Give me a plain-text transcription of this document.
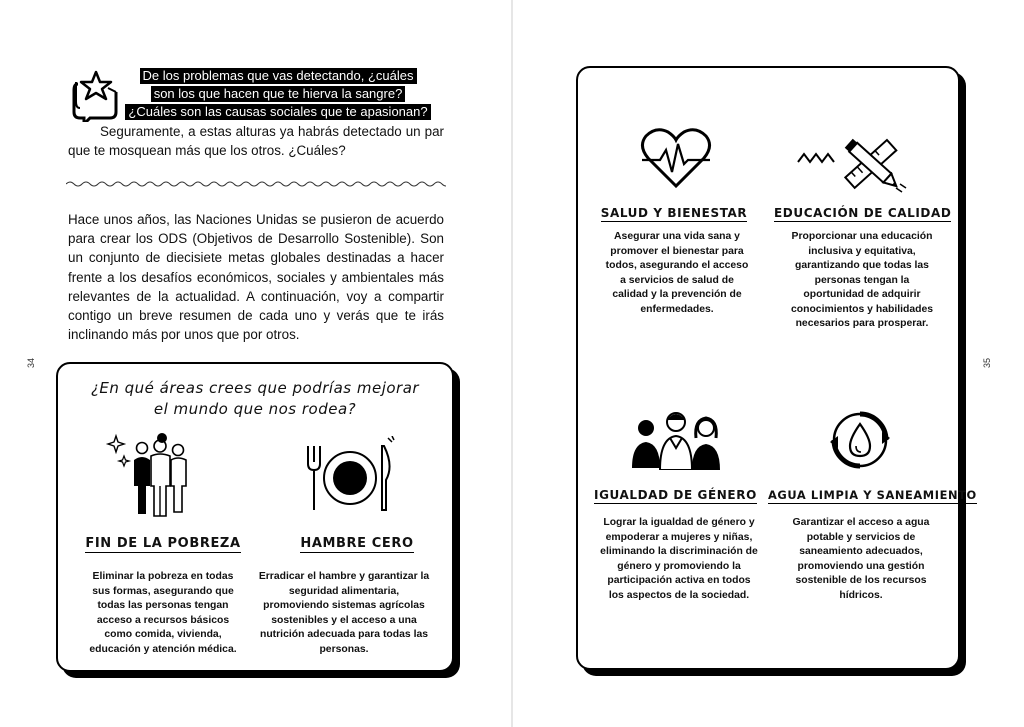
34	35
De los problemas que vas detectando, ¿cuáles
son los que hacen que te hierva la sangre?
¿Cuáles son las causas sociales que te apasionan?
Seguramente, a estas alturas ya habrás detectado un par que te mosquean más que los otros. ¿Cuáles?
Hace unos años, las Naciones Unidas se pusieron de acuerdo para crear los ODS (Objetivos de Desarrollo Sostenible). Son un conjunto de diecisiete metas globales destinadas a hacer frente a los desafíos económicos, sociales y ambientales más relevantes de la actualidad. A continuación, voy a compartir contigo un breve resumen de cada uno y verás que te irás inclinando más por unos que por otros.
¿En qué áreas crees que podrías mejorar
el mundo que nos rodea?
FIN DE LA POBREZA	HAMBRE CERO
Eliminar la pobreza en todas sus formas, asegurando que todas las personas tengan acceso a recursos básicos como comida, vivienda, educación y atención médica.
Erradicar el hambre y garantizar la seguridad alimentaria, promoviendo sistemas agrícolas sostenibles y el acceso a una nutrición adecuada para todas las personas.
SALUD Y BIENESTAR	EDUCACIÓN DE CALIDAD
Asegurar una vida sana y promover el bienestar para todos, asegurando el acceso a servicios de salud de calidad y la prevención de enfermedades.
Proporcionar una educación inclusiva y equitativa, garantizando que todas las personas tengan la oportunidad de adquirir conocimientos y habilidades necesarios para prosperar.
IGUALDAD DE GÉNERO AGUA LIMPIA Y SANEAMIENTO
Lograr la igualdad de género y empoderar a mujeres y niñas, eliminando la discriminación de género y promoviendo la participación activa en todos los aspectos de la sociedad.
Garantizar el acceso a agua potable y servicios de saneamiento adecuados, promoviendo una gestión sostenible de los recursos hídricos.
